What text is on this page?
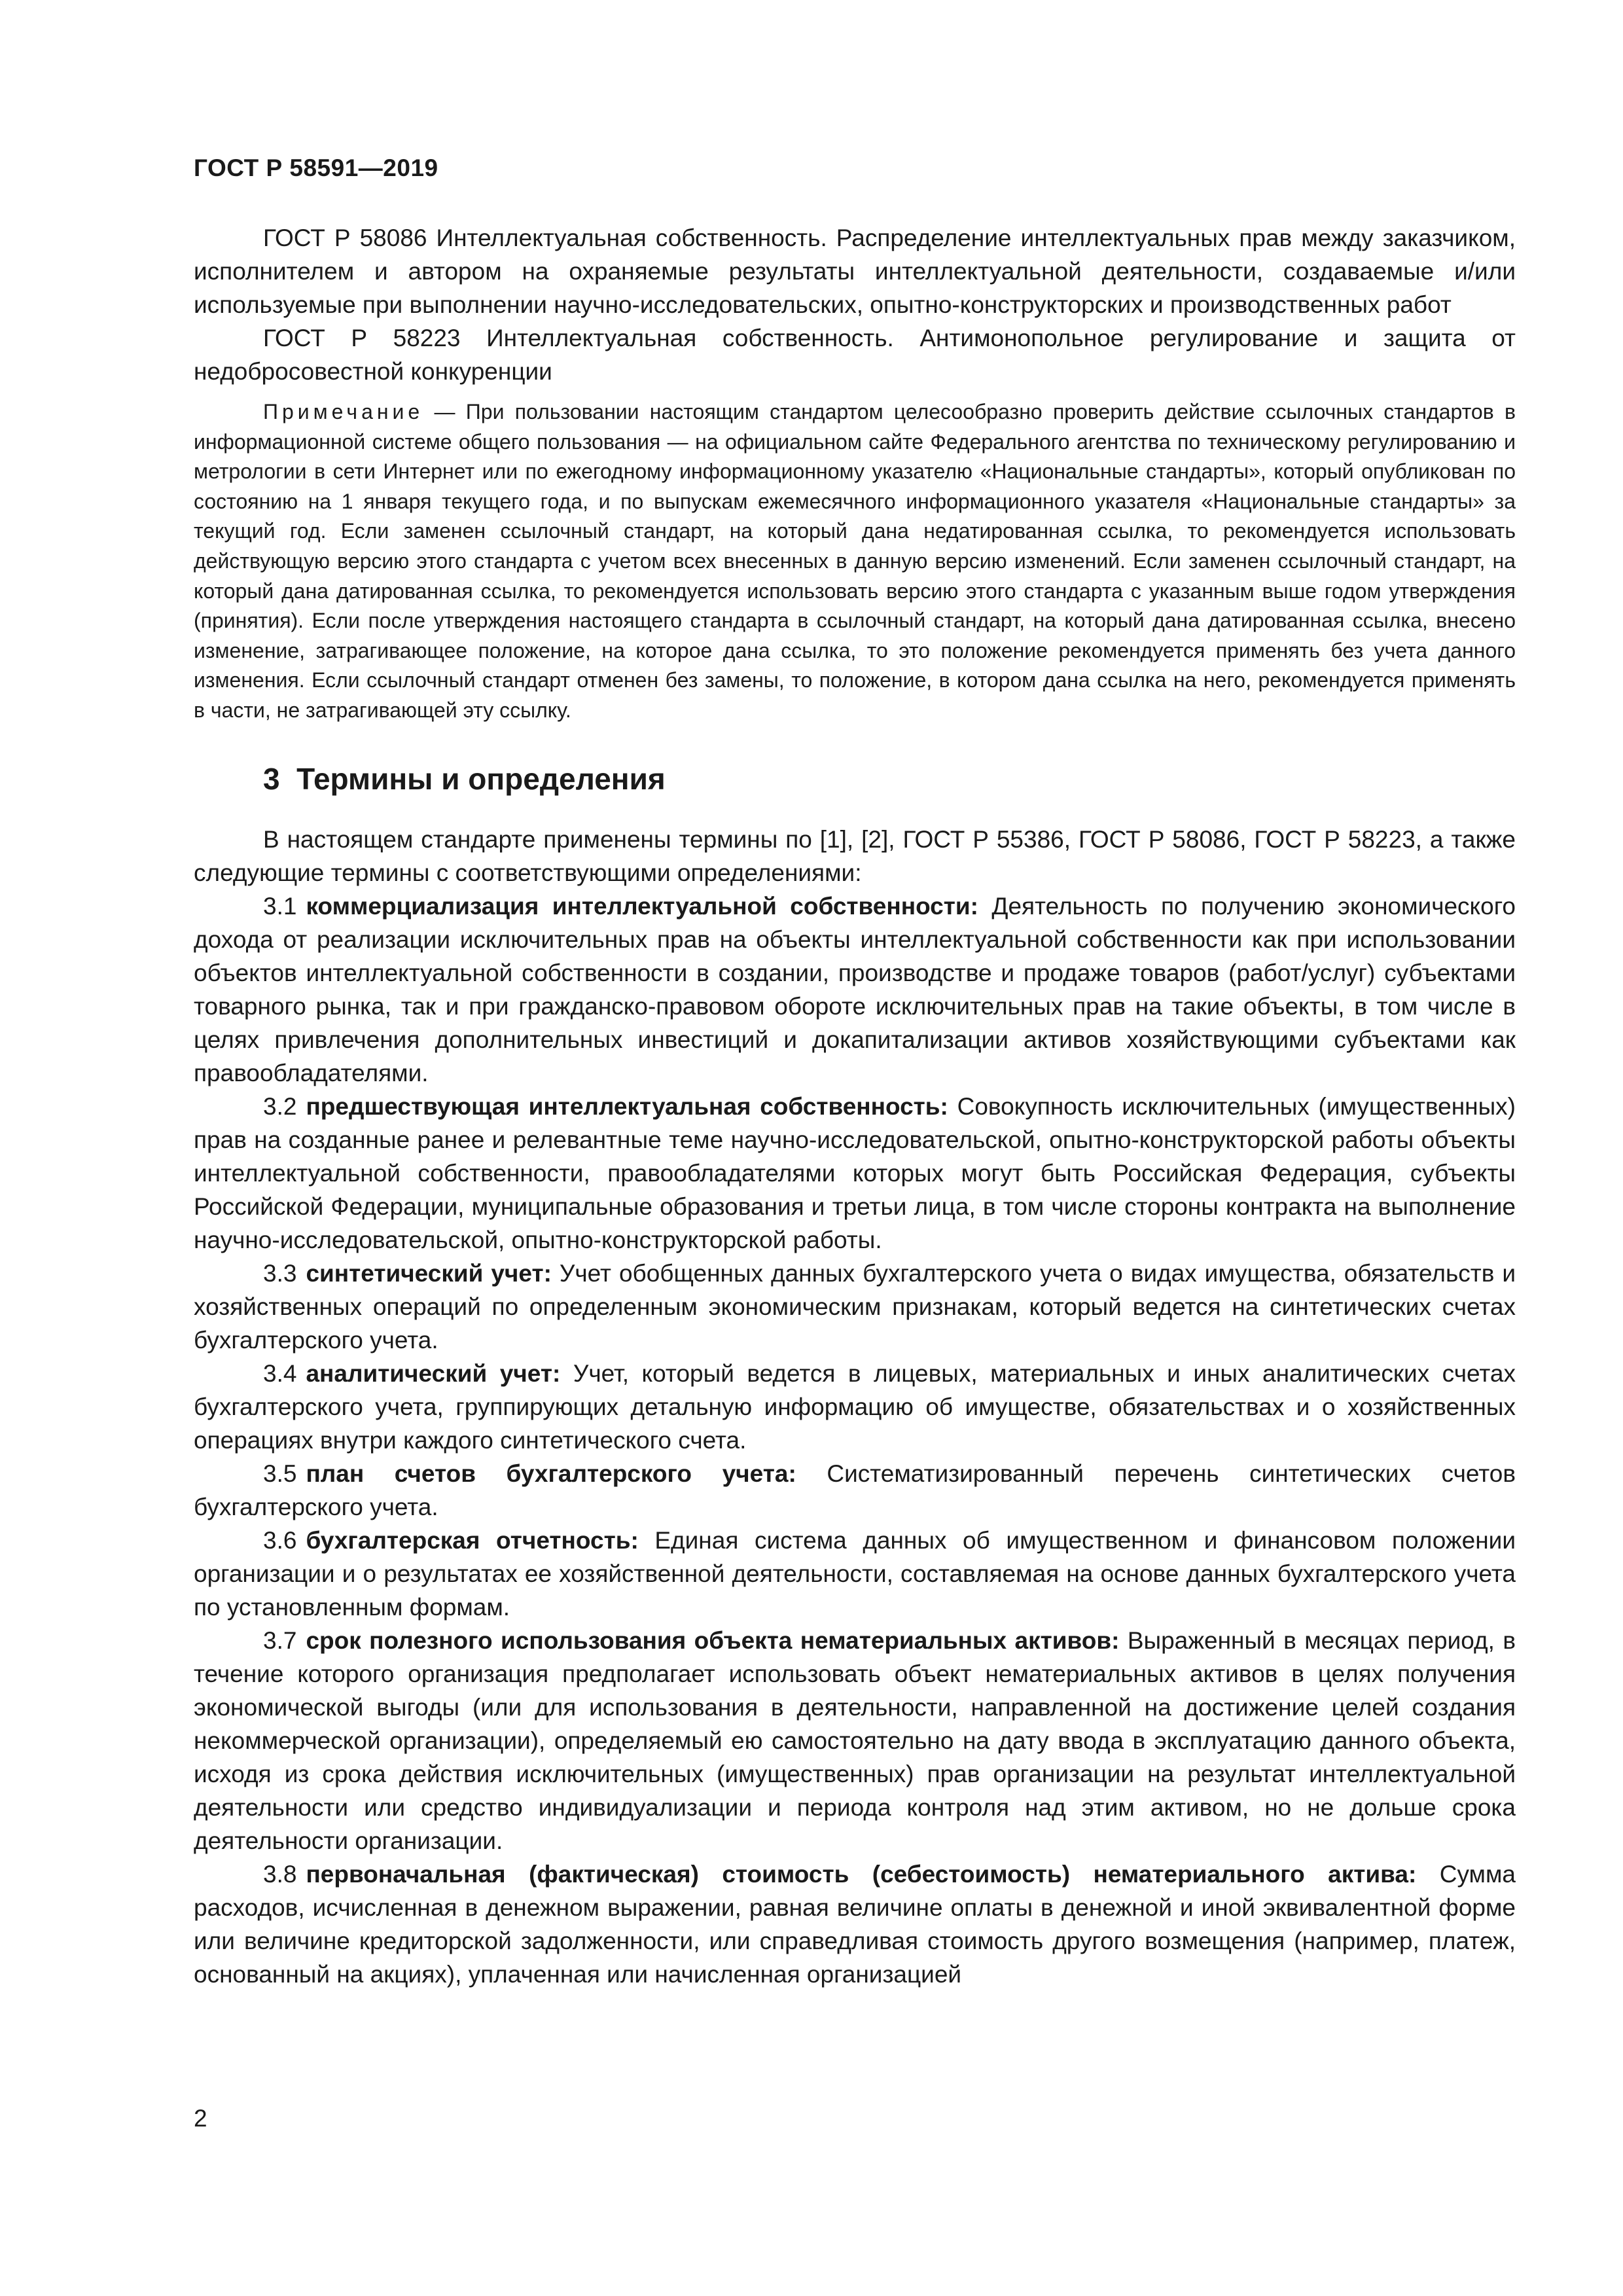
ГОСТ Р 58591—2019

ГОСТ Р 58086 Интеллектуальная собственность. Распределение интеллектуальных прав между заказчиком, исполнителем и автором на охраняемые результаты интеллектуальной деятельности, создаваемые и/или используемые при выполнении научно-исследовательских, опытно-конструкторских и производственных работ

ГОСТ Р 58223 Интеллектуальная собственность. Антимонопольное регулирование и защита от недобросовестной конкуренции

Примечание — При пользовании настоящим стандартом целесообразно проверить действие ссылочных стандартов в информационной системе общего пользования — на официальном сайте Федерального агентства по техническому регулированию и метрологии в сети Интернет или по ежегодному информационному указателю «Национальные стандарты», который опубликован по состоянию на 1 января текущего года, и по выпускам ежемесячного информационного указателя «Национальные стандарты» за текущий год. Если заменен ссылочный стандарт, на который дана недатированная ссылка, то рекомендуется использовать действующую версию этого стандарта с учетом всех внесенных в данную версию изменений. Если заменен ссылочный стандарт, на который дана датированная ссылка, то рекомендуется использовать версию этого стандарта с указанным выше годом утверждения (принятия). Если после утверждения настоящего стандарта в ссылочный стандарт, на который дана датированная ссылка, внесено изменение, затрагивающее положение, на которое дана ссылка, то это положение рекомендуется применять без учета данного изменения. Если ссылочный стандарт отменен без замены, то положение, в котором дана ссылка на него, рекомендуется применять в части, не затрагивающей эту ссылку.

3 Термины и определения

В настоящем стандарте применены термины по [1], [2], ГОСТ Р 55386, ГОСТ Р 58086, ГОСТ Р 58223, а также следующие термины с соответствующими определениями:

3.1 коммерциализация интеллектуальной собственности: Деятельность по получению экономического дохода от реализации исключительных прав на объекты интеллектуальной собственности как при использовании объектов интеллектуальной собственности в создании, производстве и продаже товаров (работ/услуг) субъектами товарного рынка, так и при гражданско-правовом обороте исключительных прав на такие объекты, в том числе в целях привлечения дополнительных инвестиций и докапитализации активов хозяйствующими субъектами как правообладателями.

3.2 предшествующая интеллектуальная собственность: Совокупность исключительных (имущественных) прав на созданные ранее и релевантные теме научно-исследовательской, опытно-конструкторской работы объекты интеллектуальной собственности, правообладателями которых могут быть Российская Федерация, субъекты Российской Федерации, муниципальные образования и третьи лица, в том числе стороны контракта на выполнение научно-исследовательской, опытно-конструкторской работы.

3.3 синтетический учет: Учет обобщенных данных бухгалтерского учета о видах имущества, обязательств и хозяйственных операций по определенным экономическим признакам, который ведется на синтетических счетах бухгалтерского учета.

3.4 аналитический учет: Учет, который ведется в лицевых, материальных и иных аналитических счетах бухгалтерского учета, группирующих детальную информацию об имуществе, обязательствах и о хозяйственных операциях внутри каждого синтетического счета.

3.5 план счетов бухгалтерского учета: Систематизированный перечень синтетических счетов бухгалтерского учета.

3.6 бухгалтерская отчетность: Единая система данных об имущественном и финансовом положении организации и о результатах ее хозяйственной деятельности, составляемая на основе данных бухгалтерского учета по установленным формам.

3.7 срок полезного использования объекта нематериальных активов: Выраженный в месяцах период, в течение которого организация предполагает использовать объект нематериальных активов в целях получения экономической выгоды (или для использования в деятельности, направленной на достижение целей создания некоммерческой организации), определяемый ею самостоятельно на дату ввода в эксплуатацию данного объекта, исходя из срока действия исключительных (имущественных) прав организации на результат интеллектуальной деятельности или средство индивидуализации и периода контроля над этим активом, но не дольше срока деятельности организации.

3.8 первоначальная (фактическая) стоимость (себестоимость) нематериального актива: Сумма расходов, исчисленная в денежном выражении, равная величине оплаты в денежной и иной эквивалентной форме или величине кредиторской задолженности, или справедливая стоимость другого возмещения (например, платеж, основанный на акциях), уплаченная или начисленная организацией

2
